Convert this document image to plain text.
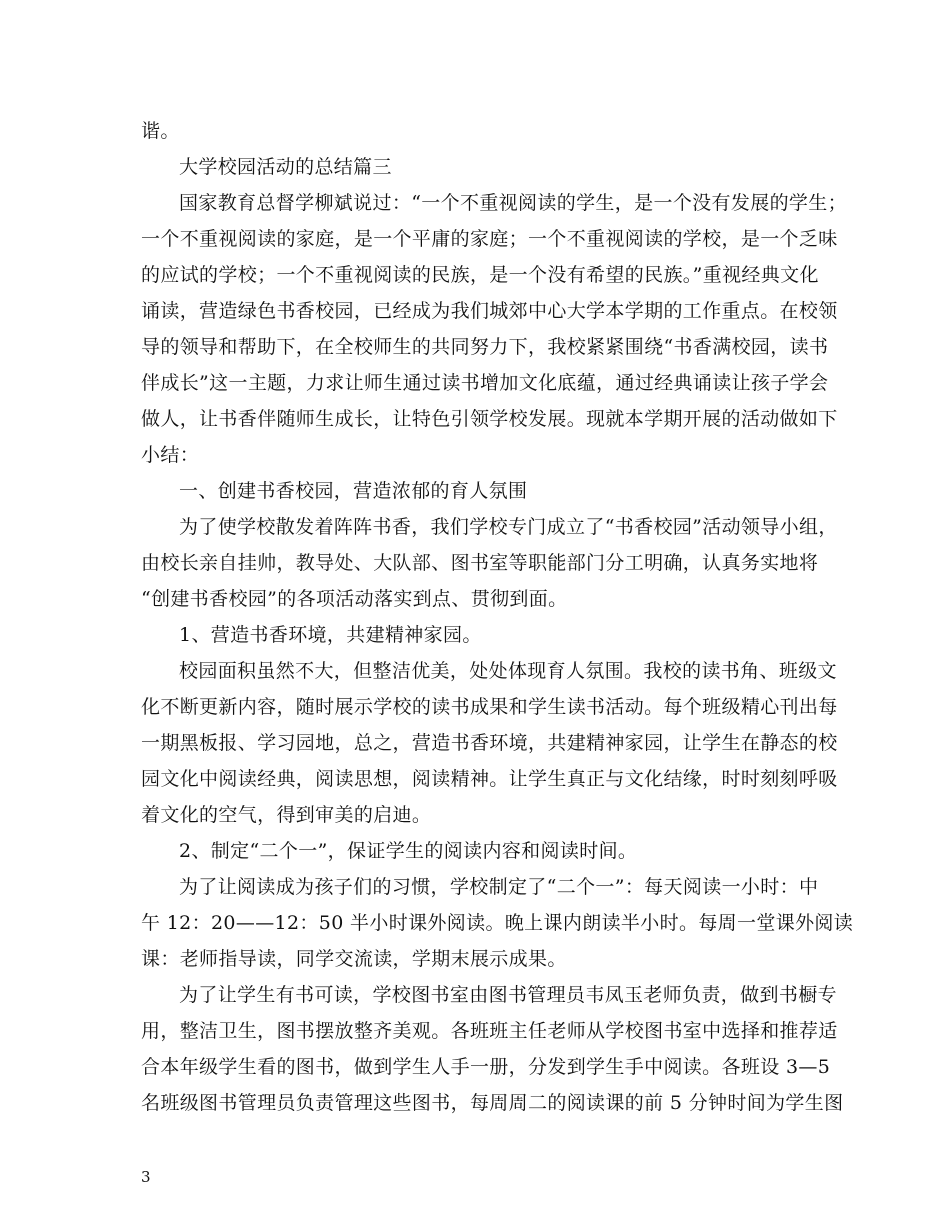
谐。
大学校园活动的总结篇三
国家教育总督学柳斌说过：“一个不重视阅读的学生，是一个没有发展的学生；
一个不重视阅读的家庭，是一个平庸的家庭；一个不重视阅读的学校，是一个乏味
的应试的学校；一个不重视阅读的民族，是一个没有希望的民族。”重视经典文化
诵读，营造绿色书香校园，已经成为我们城郊中心大学本学期的工作重点。在校领
导的领导和帮助下，在全校师生的共同努力下，我校紧紧围绕“书香满校园，读书
伴成长”这一主题，力求让师生通过读书增加文化底蕴，通过经典诵读让孩子学会
做人，让书香伴随师生成长，让特色引领学校发展。现就本学期开展的活动做如下
小结：
一、创建书香校园，营造浓郁的育人氛围
为了使学校散发着阵阵书香，我们学校专门成立了“书香校园”活动领导小组，
由校长亲自挂帅，教导处、大队部、图书室等职能部门分工明确，认真务实地将
“创建书香校园”的各项活动落实到点、贯彻到面。
1、营造书香环境，共建精神家园。
校园面积虽然不大，但整洁优美，处处体现育人氛围。我校的读书角、班级文
化不断更新内容，随时展示学校的读书成果和学生读书活动。每个班级精心刊出每
一期黑板报、学习园地，总之，营造书香环境，共建精神家园，让学生在静态的校
园文化中阅读经典，阅读思想，阅读精神。让学生真正与文化结缘，时时刻刻呼吸
着文化的空气，得到审美的启迪。
2、制定“二个一”，保证学生的阅读内容和阅读时间。
为了让阅读成为孩子们的习惯，学校制定了“二个一”：每天阅读一小时：中
午 12：20——12：50 半小时课外阅读。晚上课内朗读半小时。每周一堂课外阅读
课：老师指导读，同学交流读，学期末展示成果。
为了让学生有书可读，学校图书室由图书管理员韦凤玉老师负责，做到书橱专
用，整洁卫生，图书摆放整齐美观。各班班主任老师从学校图书室中选择和推荐适
合本年级学生看的图书，做到学生人手一册，分发到学生手中阅读。各班设 3—5
名班级图书管理员负责管理这些图书，每周周二的阅读课的前 5 分钟时间为学生图
3
